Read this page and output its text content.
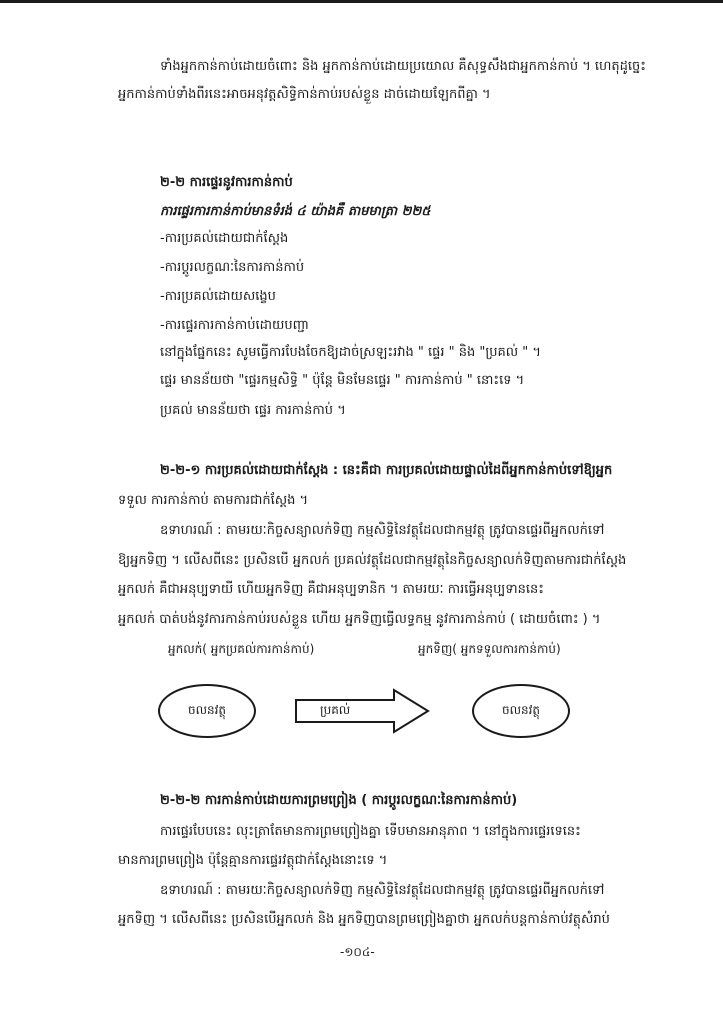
ទាំងអ្នកកាន់កាប់ដោយចំពោះ និង អ្នកកាន់កាប់ដោយប្រយោល គឺសុទ្ធសឹងជាអ្នកកាន់កាប់ ។ ហេតុដូច្នេះ
អ្នកកាន់កាប់ទាំងពីរនេះអាចអនុវត្តសិទ្ធិកាន់កាប់របស់ខ្លួន ដាច់ដោយឡែកពីគ្នា ។
២-២ ការផ្ទេរនូវការកាន់កាប់
ការផ្ទេរការកាន់កាប់មានទំរង់ ៤ យ៉ាងគឺ តាមមាត្រា ២២៥
-ការប្រគល់ដោយជាក់ស្ដែង
-ការប្ដូរលក្ខណៈនៃការកាន់កាប់
-ការប្រគល់ដោយសង្ខេប
-ការផ្ទេរការកាន់កាប់ដោយបញ្ជា
នៅក្នុងផ្នែកនេះ សូមធ្វើការបែងចែកឱ្យដាច់ស្រឡះរវាង " ផ្ទេរ " និង "ប្រគល់ " ។
ផ្ទេរ មានន័យថា "ផ្ទេរកម្មសិទ្ធិ " ប៉ុន្តែ មិនមែនផ្ទេរ " ការកាន់កាប់ " នោះទេ ។
ប្រគល់ មានន័យថា ផ្ទេរ ការកាន់កាប់ ។
២-២-១ ការប្រគល់ដោយជាក់ស្ដែង : នេះគឺជា ការប្រគល់ដោយផ្ទាល់ដៃពីអ្នកកាន់កាប់ទៅឱ្យអ្នក
ទទួល ការកាន់កាប់ តាមការជាក់ស្ដែង ។
ឧទាហរណ៍ : តាមរយៈកិច្ចសន្យាលក់ទិញ កម្មសិទ្ធិនៃវត្ថុដែលជាកម្មវត្ថុ ត្រូវបានផ្ទេរពីអ្នកលក់ទៅ
ឱ្យអ្នកទិញ ។ លើសពីនេះ ប្រសិនបើ អ្នកលក់ ប្រគល់វត្ថុដែលជាកម្មវត្ថុនៃកិច្ចសន្យាលក់ទិញតាមការជាក់ស្ដែង
អ្នកលក់ គឺជាអនុប្បទាយី ហើយអ្នកទិញ គឺជាអនុប្បទានិក ។ តាមរយៈ ការធ្វើអនុប្បទាននេះ
អ្នកលក់ បាត់បង់នូវការកាន់កាប់របស់ខ្លួន ហើយ អ្នកទិញធ្វើលទ្ធកម្ម នូវការកាន់កាប់ ( ដោយចំពោះ ) ។
អ្នកលក់( អ្នកប្រគល់ការកាន់កាប់)	អ្នកទិញ( អ្នកទទួលការកាន់កាប់)
ចលនវត្ថុ	ប្រគល់	ចលនវត្ថុ
២-២-២ ការកាន់កាប់ដោយការព្រមព្រៀង ( ការប្ដូរលក្ខណៈនៃការកាន់កាប់)
ការផ្ទេរបែបនេះ លុះត្រាតែមានការព្រមព្រៀងគ្នា ទើបមានអានុភាព ។ នៅក្នុងការផ្ទេរទេនេះ
មានការព្រមព្រៀង ប៉ុន្តែគ្មានការផ្ទេរវត្ថុជាក់ស្ដែងនោះទេ ។
ឧទាហរណ៍ : តាមរយៈកិច្ចសន្យាលក់ទិញ កម្មសិទ្ធិនៃវត្ថុដែលជាកម្មវត្ថុ ត្រូវបានផ្ទេរពីអ្នកលក់ទៅ
អ្នកទិញ ។ លើសពីនេះ ប្រសិនបើអ្នកលក់ និង អ្នកទិញបានព្រមព្រៀងគ្នាថា អ្នកលក់បន្តកាន់កាប់វត្ថុសំរាប់
-១០៤-
